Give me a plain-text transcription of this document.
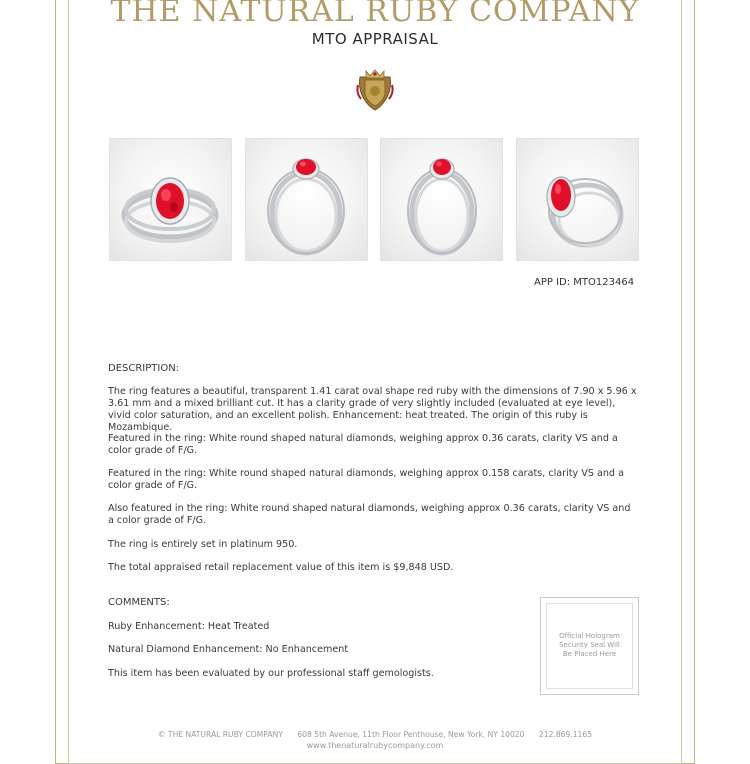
THE NATURAL RUBY COMPANY
MTO APPRAISAL
APP ID: MTO123464
DESCRIPTION:
The ring features a beautiful, transparent 1.41 carat oval shape red ruby with the dimensions of 7.90 x 5.96 x 3.61 mm and a mixed brilliant cut. It has a clarity grade of very slightly included (evaluated at eye level), vivid color saturation, and an excellent polish. Enhancement: heat treated. The origin of this ruby is Mozambique.
Featured in the ring: White round shaped natural diamonds, weighing approx 0.36 carats, clarity VS and a color grade of F/G.
Featured in the ring: White round shaped natural diamonds, weighing approx 0.158 carats, clarity VS and a color grade of F/G.
Also featured in the ring: White round shaped natural diamonds, weighing approx 0.36 carats, clarity VS and a color grade of F/G.
The ring is entirely set in platinum 950.
The total appraised retail replacement value of this item is $9,848 USD.
COMMENTS:
Ruby Enhancement: Heat Treated
Natural Diamond Enhancement: No Enhancement
This item has been evaluated by our professional staff gemologists.
Official Hologram
Security Seal Will
Be Placed Here
© THE NATURAL RUBY COMPANY 608 5th Avenue, 11th Floor Penthouse, New York, NY 10020 212.869.1165
www.thenaturalrubycompany.com
